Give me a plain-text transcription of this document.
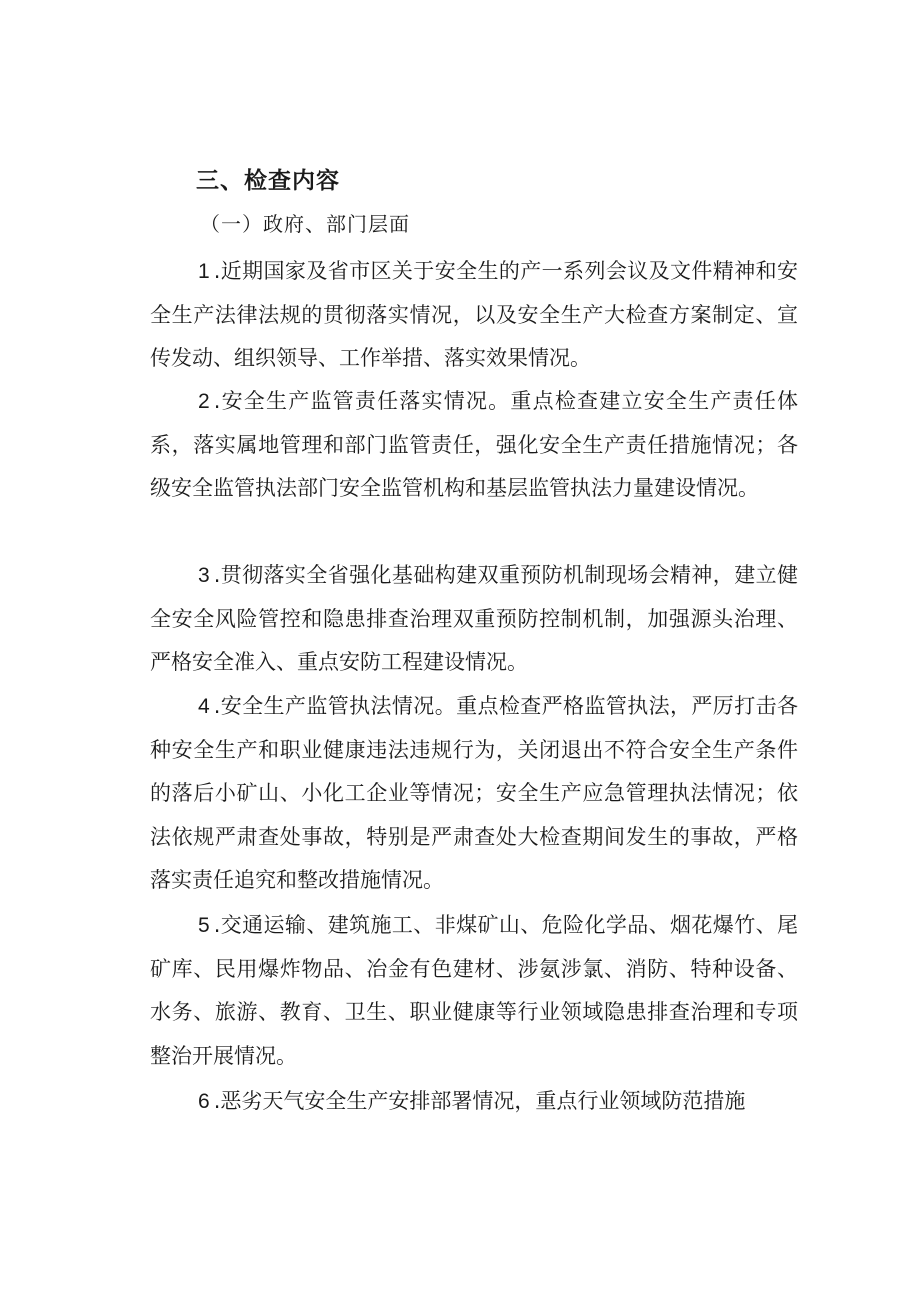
三、检查内容
（一）政府、部门层面

1 .近期国家及省市区关于安全生的产一系列会议及文件精神和安全生产法律法规的贯彻落实情况，以及安全生产大检查方案制定、宣传发动、组织领导、工作举措、落实效果情况。

2 .安全生产监管责任落实情况。重点检查建立安全生产责任体系，落实属地管理和部门监管责任，强化安全生产责任措施情况；各级安全监管执法部门安全监管机构和基层监管执法力量建设情况。

3 .贯彻落实全省强化基础构建双重预防机制现场会精神，建立健全安全风险管控和隐患排查治理双重预防控制机制，加强源头治理、严格安全准入、重点安防工程建设情况。

4 .安全生产监管执法情况。重点检查严格监管执法，严厉打击各种安全生产和职业健康违法违规行为，关闭退出不符合安全生产条件的落后小矿山、小化工企业等情况；安全生产应急管理执法情况；依法依规严肃查处事故，特别是严肃查处大检查期间发生的事故，严格落实责任追究和整改措施情况。

5 .交通运输、建筑施工、非煤矿山、危险化学品、烟花爆竹、尾矿库、民用爆炸物品、冶金有色建材、涉氨涉氯、消防、特种设备、水务、旅游、教育、卫生、职业健康等行业领域隐患排查治理和专项整治开展情况。

6 .恶劣天气安全生产安排部署情况，重点行业领域防范措施
